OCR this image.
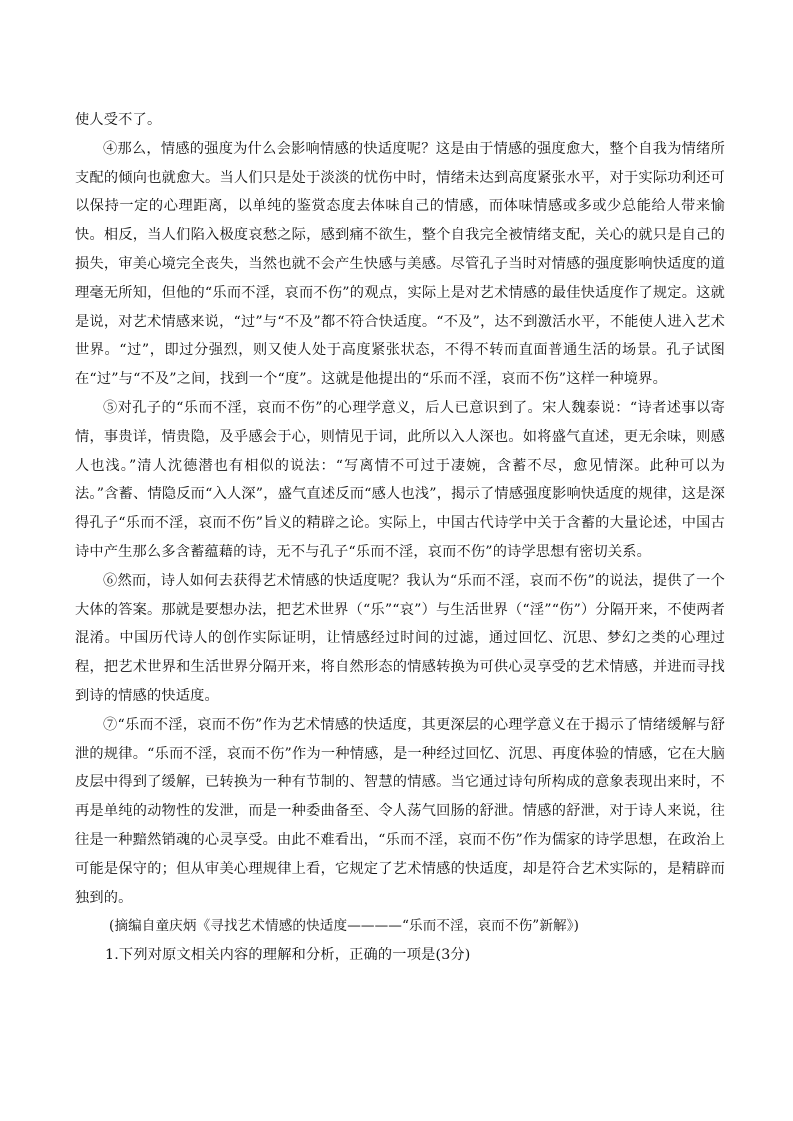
使人受不了。

④那么，情感的强度为什么会影响情感的快适度呢？这是由于情感的强度愈大，整个自我为情绪所支配的倾向也就愈大。当人们只是处于淡淡的忧伤中时，情绪未达到高度紧张水平，对于实际功利还可以保持一定的心理距离，以单纯的鉴赏态度去体味自己的情感，而体味情感或多或少总能给人带来愉快。相反，当人们陷入极度哀愁之际，感到痛不欲生，整个自我完全被情绪支配，关心的就只是自己的损失，审美心境完全丧失，当然也就不会产生快感与美感。尽管孔子当时对情感的强度影响快适度的道理毫无所知，但他的“乐而不淫，哀而不伤”的观点，实际上是对艺术情感的最佳快适度作了规定。这就是说，对艺术情感来说，“过”与“不及”都不符合快适度。“不及”，达不到激活水平，不能使人进入艺术世界。“过”，即过分强烈，则又使人处于高度紧张状态，不得不转而直面普通生活的场景。孔子试图在“过”与“不及”之间，找到一个“度”。这就是他提出的“乐而不淫，哀而不伤”这样一种境界。

⑤对孔子的“乐而不淫，哀而不伤”的心理学意义，后人已意识到了。宋人魏泰说：“诗者述事以寄情，事贵详，情贵隐，及乎感会于心，则情见于词，此所以入人深也。如将盛气直述，更无余味，则感人也浅。”清人沈德潜也有相似的说法：“写离情不可过于凄婉，含蓄不尽，愈见情深。此种可以为法。”含蓄、情隐反而“入人深”，盛气直述反而“感人也浅”，揭示了情感强度影响快适度的规律，这是深得孔子“乐而不淫，哀而不伤”旨义的精辟之论。实际上，中国古代诗学中关于含蓄的大量论述，中国古诗中产生那么多含蓄蕴藉的诗，无不与孔子“乐而不淫，哀而不伤”的诗学思想有密切关系。

⑥然而，诗人如何去获得艺术情感的快适度呢？我认为“乐而不淫，哀而不伤”的说法，提供了一个大体的答案。那就是要想办法，把艺术世界（“乐”“哀”）与生活世界（“淫”“伤”）分隔开来，不使两者混淆。中国历代诗人的创作实际证明，让情感经过时间的过滤，通过回忆、沉思、梦幻之类的心理过程，把艺术世界和生活世界分隔开来，将自然形态的情感转换为可供心灵享受的艺术情感，并进而寻找到诗的情感的快适度。

⑦“乐而不淫，哀而不伤”作为艺术情感的快适度，其更深层的心理学意义在于揭示了情绪缓解与舒泄的规律。“乐而不淫，哀而不伤”作为一种情感，是一种经过回忆、沉思、再度体验的情感，它在大脑皮层中得到了缓解，已转换为一种有节制的、智慧的情感。当它通过诗句所构成的意象表现出来时，不再是单纯的动物性的发泄，而是一种委曲备至、令人荡气回肠的舒泄。情感的舒泄，对于诗人来说，往往是一种黯然销魂的心灵享受。由此不难看出，“乐而不淫，哀而不伤”作为儒家的诗学思想，在政治上可能是保守的；但从审美心理规律上看，它规定了艺术情感的快适度，却是符合艺术实际的，是精辟而独到的。

(摘编自童庆炳《寻找艺术情感的快适度————“乐而不淫，哀而不伤”新解》)

1.下列对原文相关内容的理解和分析，正确的一项是(3分)
